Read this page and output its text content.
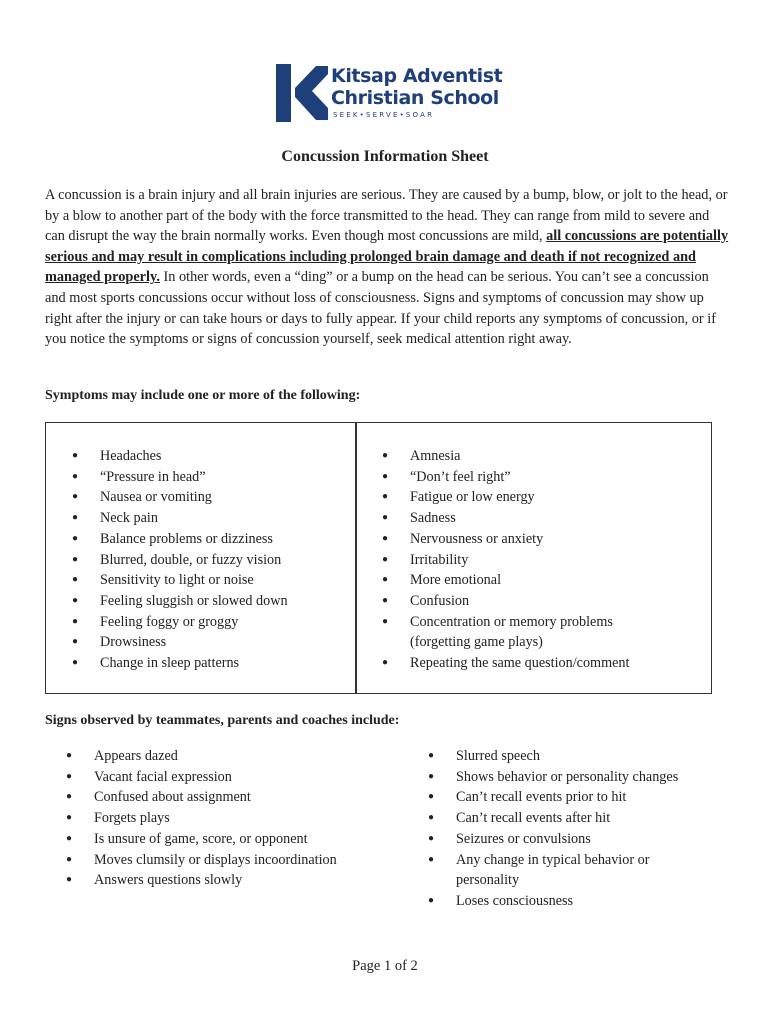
Kitsap Adventist
Christian School
SEEK•SERVE•SOAR
Concussion Information Sheet
A concussion is a brain injury and all brain injuries are serious. They are caused by a bump, blow, or jolt to the head, or by a blow to another part of the body with the force transmitted to the head. They can range from mild to severe and can disrupt the way the brain normally works. Even though most concussions are mild, all concussions are potentially serious and may result in complications including prolonged brain damage and death if not recognized and managed properly. In other words, even a “ding” or a bump on the head can be serious. You can’t see a concussion and most sports concussions occur without loss of consciousness. Signs and symptoms of concussion may show up right after the injury or can take hours or days to fully appear. If your child reports any symptoms of concussion, or if you notice the symptoms or signs of concussion yourself, seek medical attention right away.
Symptoms may include one or more of the following:
● Headaches
● “Pressure in head”
● Nausea or vomiting
● Neck pain
● Balance problems or dizziness
● Blurred, double, or fuzzy vision
● Sensitivity to light or noise
● Feeling sluggish or slowed down
● Feeling foggy or groggy
● Drowsiness
● Change in sleep patterns
● Amnesia
● “Don’t feel right”
● Fatigue or low energy
● Sadness
● Nervousness or anxiety
● Irritability
● More emotional
● Confusion
● Concentration or memory problems
(forgetting game plays)
● Repeating the same question/comment
Signs observed by teammates, parents and coaches include:
● Appears dazed
● Vacant facial expression
● Confused about assignment
● Forgets plays
● Is unsure of game, score, or opponent
● Moves clumsily or displays incoordination
● Answers questions slowly
● Slurred speech
● Shows behavior or personality changes
● Can’t recall events prior to hit
● Can’t recall events after hit
● Seizures or convulsions
● Any change in typical behavior or
personality
● Loses consciousness
Page 1 of 2
